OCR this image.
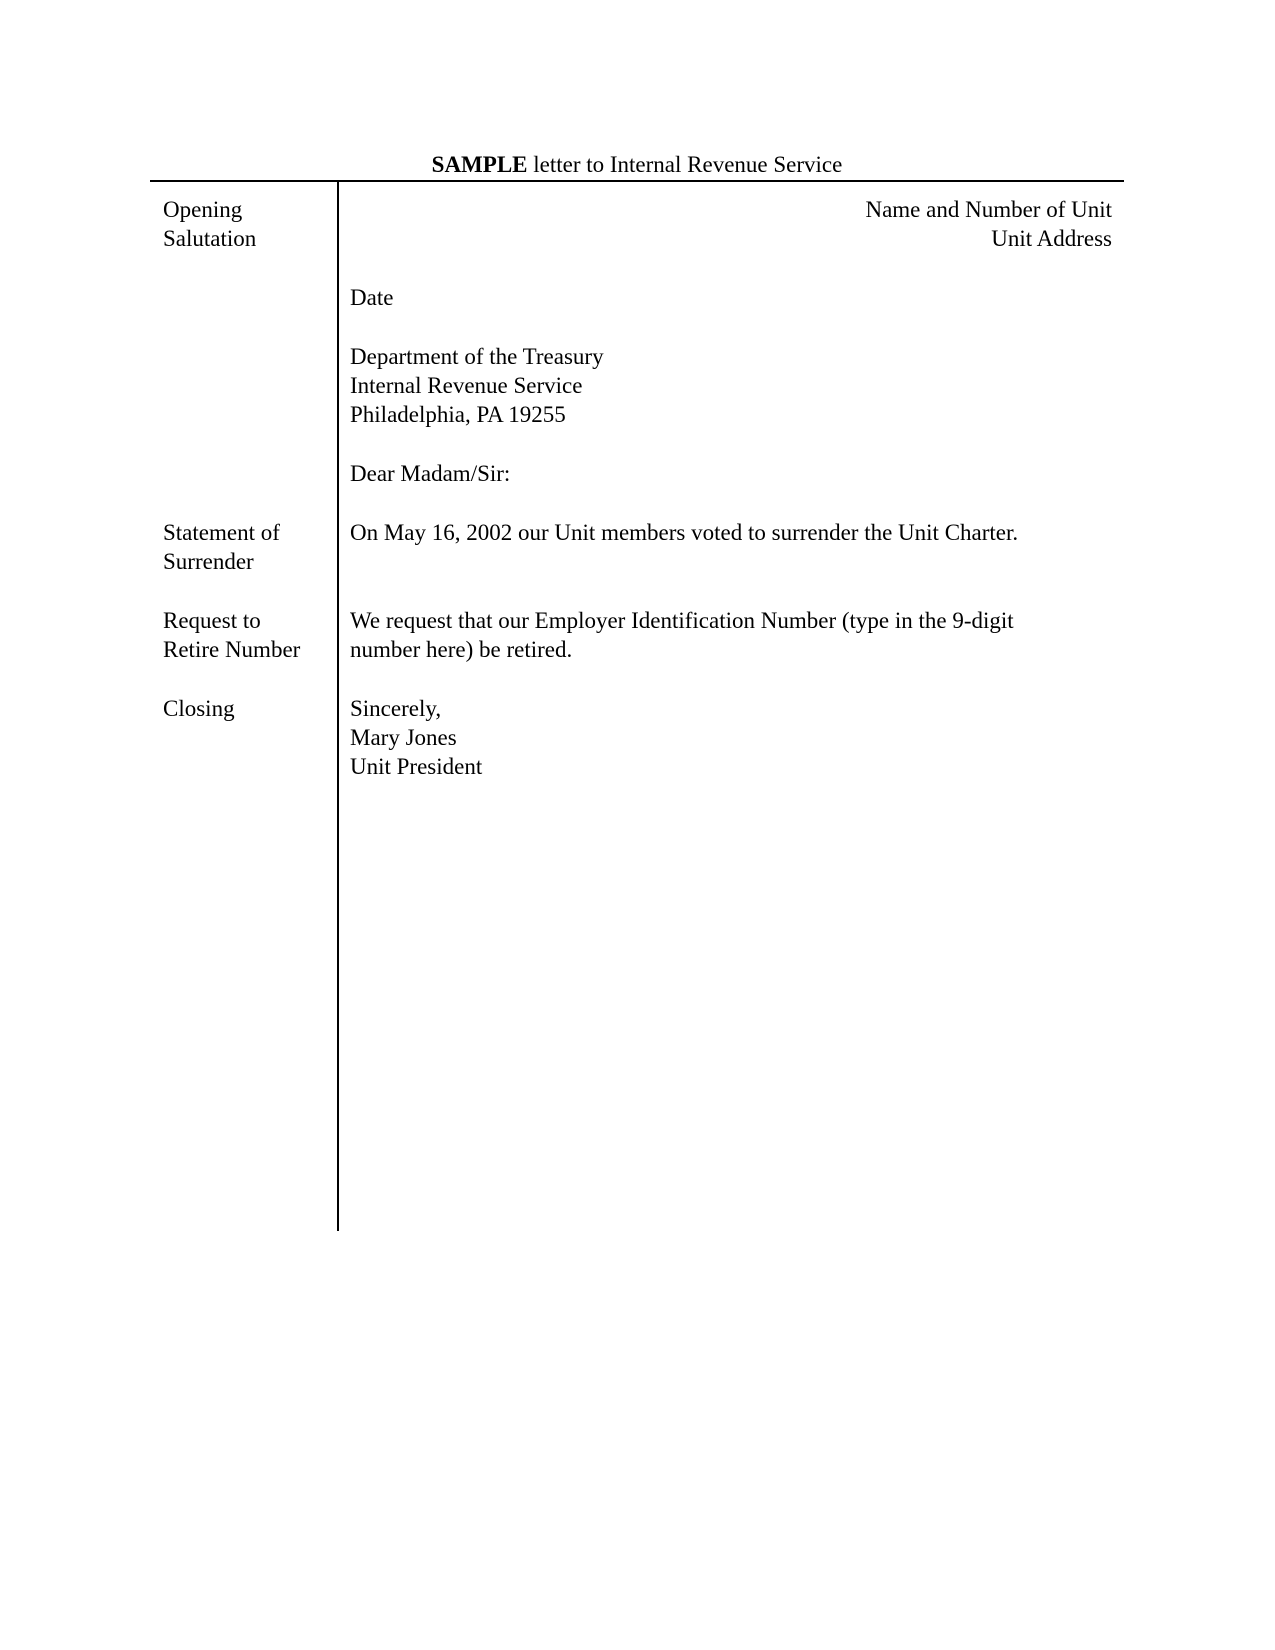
SAMPLE letter to Internal Revenue Service
Opening
Salutation
Statement of
Surrender
Request to
Retire Number
Closing
Name and Number of Unit
Unit Address
Date
Department of the Treasury
Internal Revenue Service
Philadelphia, PA 19255
Dear Madam/Sir:
On May 16, 2002 our Unit members voted to surrender the Unit Charter.
We request that our Employer Identification Number (type in the 9-digit
number here) be retired.
Sincerely,
Mary Jones
Unit President
